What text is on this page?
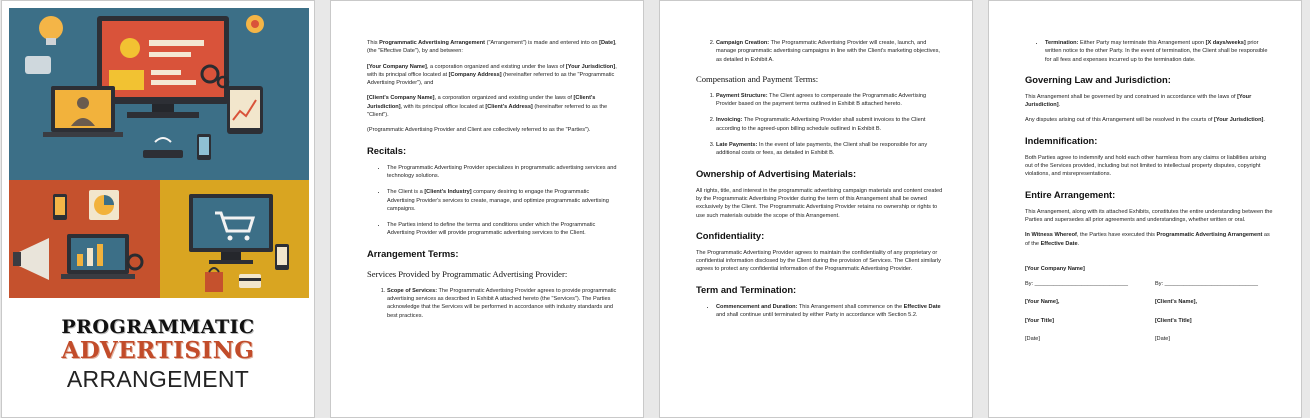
PROGRAMMATIC
ADVERTISING
ARRANGEMENT

This Programmatic Advertising Arrangement ("Arrangement") is made and entered into on [Date], (the "Effective Date"), by and between:

[Your Company Name], a corporation organized and existing under the laws of [Your Jurisdiction], with its principal office located at [Company Address] (hereinafter referred to as the "Programmatic Advertising Provider"), and

[Client's Company Name], a corporation organized and existing under the laws of [Client's Jurisdiction], with its principal office located at [Client's Address] (hereinafter referred to as the "Client").

(Programmatic Advertising Provider and Client are collectively referred to as the "Parties").

Recitals:
• The Programmatic Advertising Provider specializes in programmatic advertising services and technology solutions.
• The Client is a [Client's Industry] company desiring to engage the Programmatic Advertising Provider's services to create, manage, and optimize programmatic advertising campaigns.
• The Parties intend to define the terms and conditions under which the Programmatic Advertising Provider will provide programmatic advertising services to the Client.
Arrangement Terms:
Services Provided by Programmatic Advertising Provider:
1. Scope of Services: The Programmatic Advertising Provider agrees to provide programmatic advertising services as described in Exhibit A attached hereto (the "Services"). The Parties acknowledge that the Services will be performed in accordance with industry standards and best practices.
2. Campaign Creation: The Programmatic Advertising Provider will create, launch, and manage programmatic advertising campaigns in line with the Client's marketing objectives, as detailed in Exhibit A.
Compensation and Payment Terms:
1. Payment Structure: The Client agrees to compensate the Programmatic Advertising Provider based on the payment terms outlined in Exhibit B attached hereto.
2. Invoicing: The Programmatic Advertising Provider shall submit invoices to the Client according to the agreed-upon billing schedule outlined in Exhibit B.
3. Late Payments: In the event of late payments, the Client shall be responsible for any additional costs or fees, as detailed in Exhibit B.
Ownership of Advertising Materials:

All rights, title, and interest in the programmatic advertising campaign materials and content created by the Programmatic Advertising Provider during the term of this Arrangement shall be owned exclusively by the Client. The Programmatic Advertising Provider retains no ownership or rights to use such materials outside the scope of this Arrangement.

Confidentiality:

The Programmatic Advertising Provider agrees to maintain the confidentiality of any proprietary or confidential information disclosed by the Client during the provision of Services. The Client similarly agrees to protect any confidential information of the Programmatic Advertising Provider.

Term and Termination:
• Commencement and Duration: This Arrangement shall commence on the Effective Date and shall continue until terminated by either Party in accordance with Section 5.2.
• Termination: Either Party may terminate this Arrangement upon [X days/weeks] prior written notice to the other Party. In the event of termination, the Client shall be responsible for all fees and expenses incurred up to the termination date.
Governing Law and Jurisdiction:

This Arrangement shall be governed by and construed in accordance with the laws of [Your Jurisdiction].

Any disputes arising out of this Arrangement will be resolved in the courts of [Your Jurisdiction].

Indemnification:

Both Parties agree to indemnify and hold each other harmless from any claims or liabilities arising out of the Services provided, including but not limited to intellectual property disputes, copyright violations, and misrepresentations.

Entire Arrangement:

This Arrangement, along with its attached Exhibits, constitutes the entire understanding between the Parties and supersedes all prior agreements and understandings, whether written or oral.

In Witness Whereof, the Parties have executed this Programmatic Advertising Arrangement as of the Effective Date.

[Your Company Name]

By: ______________________________	By: ______________________________
[Your Name],	[Client's Name],
[Your Title]	[Client's Title]
[Date]	[Date]
